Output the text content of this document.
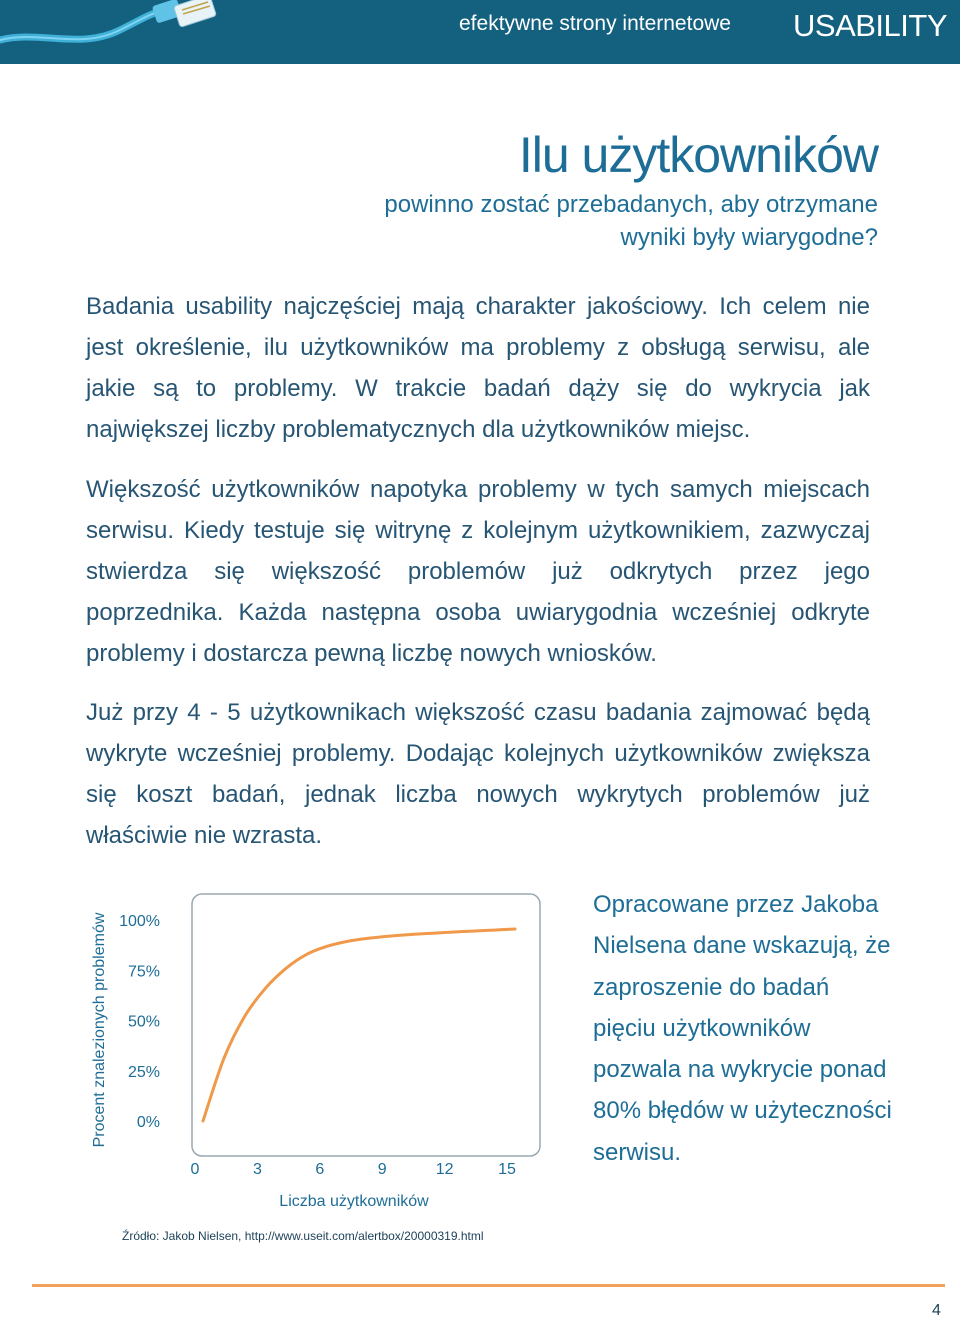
efektywne strony internetowe USABILITY
Ilu użytkowników
powinno zostać przebadanych, aby otrzymane wyniki były wiarygodne?

Badania usability najczęściej mają charakter jakościowy. Ich celem nie jest określenie, ilu użytkowników ma problemy z obsługą serwisu, ale jakie są to problemy. W trakcie badań dąży się do wykrycia jak największej liczby problematycznych dla użytkowników miejsc.

Większość użytkowników napotyka problemy w tych samych miejscach serwisu. Kiedy testuje się witrynę z kolejnym użytkownikiem, zazwyczaj stwierdza się większość problemów już odkrytych przez jego poprzednika. Każda następna osoba uwiarygodnia wcześniej odkryte problemy i dostarcza pewną liczbę nowych wniosków.

Już przy 4 - 5 użytkownikach większość czasu badania zajmować będą wykryte wcześniej problemy. Dodając kolejnych użytkowników zwiększa się koszt badań, jednak liczba nowych wykrytych problemów już właściwie nie wzrasta.

Procent znalezionych problemów
Liczba użytkowników
0%
25%
50%
75%
100%
0	3	6	9	12	15

Opracowane przez Jakoba Nielsena dane wskazują, że zaproszenie do badań pięciu użytkowników pozwala na wykrycie ponad 80% błędów w użyteczności serwisu.

Źródło: Jakob Nielsen, http://www.useit.com/alertbox/20000319.html
4
